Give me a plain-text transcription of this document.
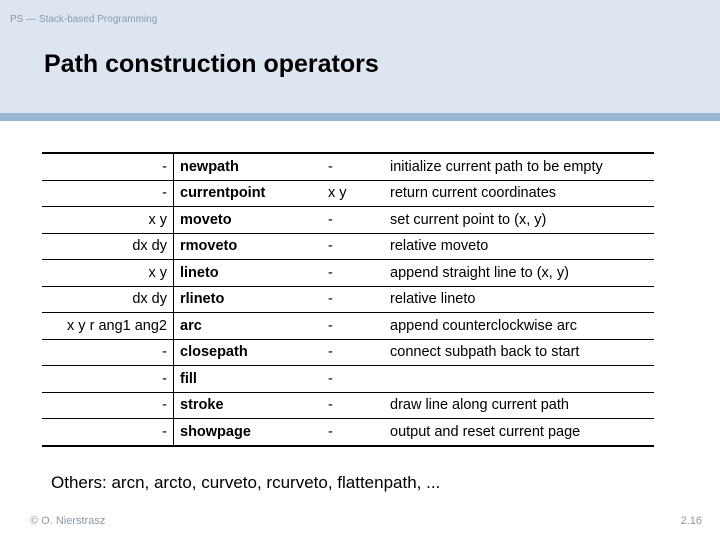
PS — Stack-based Programming
Path construction operators
-	newpath	-	initialize current path to be empty
-	currentpoint	x y	return current coordinates
x y	moveto	-	set current point to (x, y)
dx dy	rmoveto	-	relative moveto
x y	lineto	-	append straight line to (x, y)
dx dy	rlineto	-	relative lineto
x y r ang1 ang2	arc	-	append counterclockwise arc
-	closepath	-	connect subpath back to start
-	fill	-	
-	stroke	-	draw line along current path
-	showpage	-	output and reset current page
Others: arcn, arcto, curveto, rcurveto, flattenpath, ...
© O. Nierstrasz	2.16
